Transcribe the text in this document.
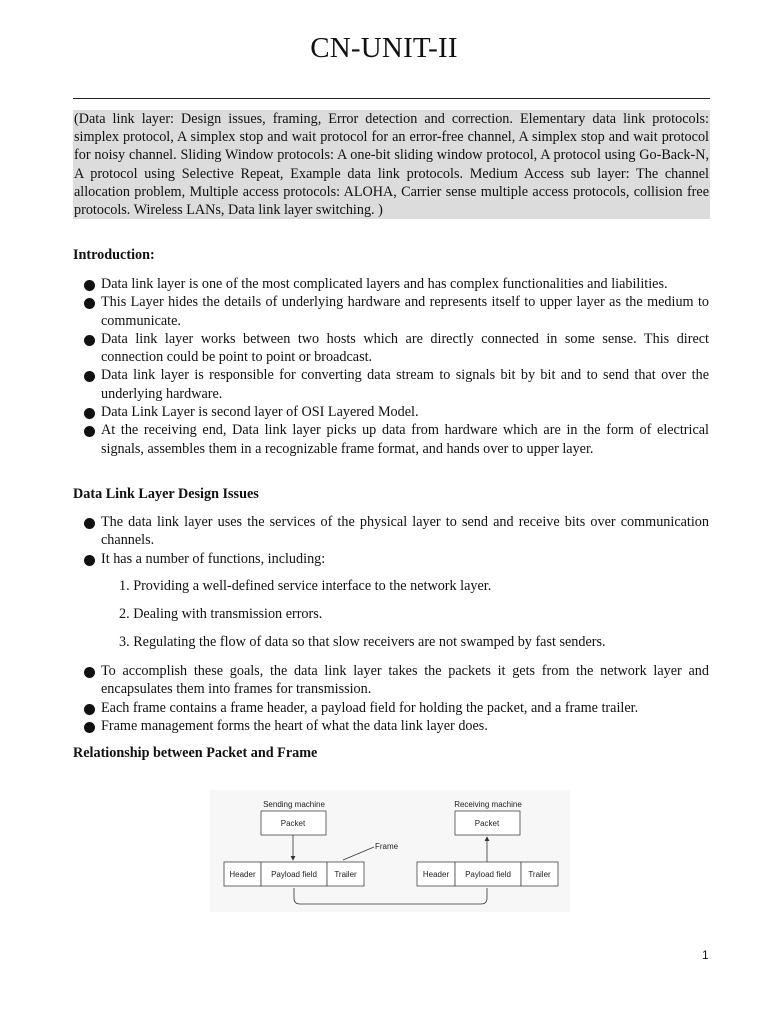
CN-UNIT-II
(Data link layer: Design issues, framing, Error detection and correction. Elementary data link protocols: simplex protocol, A simplex stop and wait protocol for an error-free channel, A simplex stop and wait protocol for noisy channel. Sliding Window protocols: A one-bit sliding window protocol, A protocol using Go-Back-N, A protocol using Selective Repeat, Example data link protocols. Medium Access sub layer: The channel allocation problem, Multiple access protocols: ALOHA, Carrier sense multiple access protocols, collision free protocols. Wireless LANs, Data link layer switching. )
Introduction:
Data link layer is one of the most complicated layers and has complex functionalities and liabilities.
This Layer hides the details of underlying hardware and represents itself to upper layer as the medium to communicate.
Data link layer works between two hosts which are directly connected in some sense. This direct connection could be point to point or broadcast.
Data link layer is responsible for converting data stream to signals bit by bit and to send that over the underlying hardware.
Data Link Layer is second layer of OSI Layered Model.
At the receiving end, Data link layer picks up data from hardware which are in the form of electrical signals, assembles them in a recognizable frame format, and hands over to upper layer.
Data Link Layer Design Issues
The data link layer uses the services of the physical layer to send and receive bits over communication channels.
It has a number of functions, including:
1. Providing a well-defined service interface to the network layer.
2. Dealing with transmission errors.
3. Regulating the flow of data so that slow receivers are not swamped by fast senders.
To accomplish these goals, the data link layer takes the packets it gets from the network layer and encapsulates them into frames for transmission.
Each frame contains a frame header, a payload field for holding the packet, and a frame trailer.
Frame management forms the heart of what the data link layer does.
Relationship between Packet and Frame
Sending machine	Receiving machine
Packet	Packet
Frame
Header Payload field Trailer	Header Payload field Trailer
1
